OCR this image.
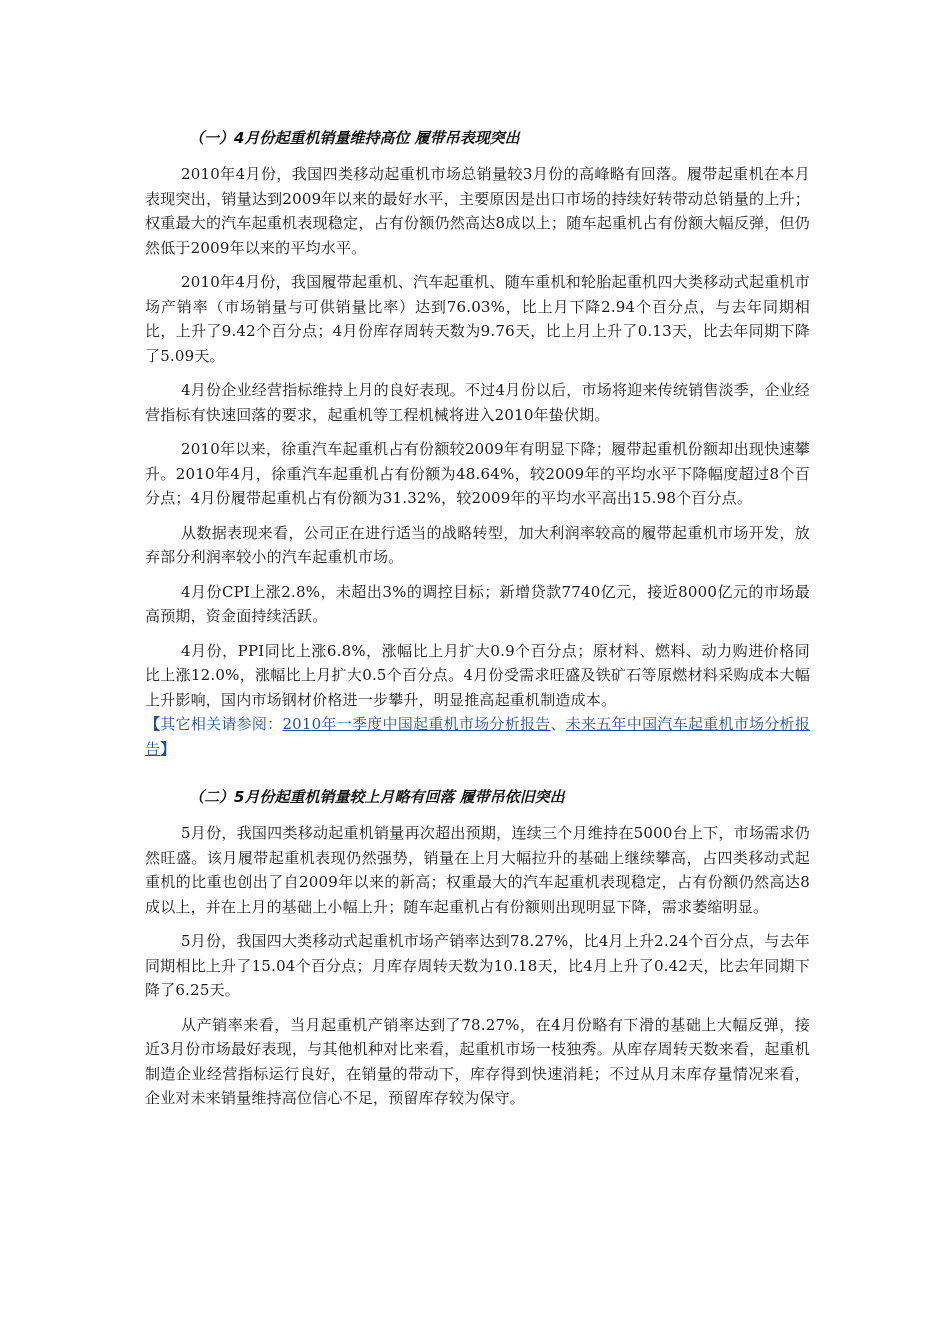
（一）4月份起重机销量维持高位 履带吊表现突出

2010年4月份，我国四类移动起重机市场总销量较3月份的高峰略有回落。履带起重机在本月表现突出，销量达到2009年以来的最好水平，主要原因是出口市场的持续好转带动总销量的上升；权重最大的汽车起重机表现稳定，占有份额仍然高达8成以上；随车起重机占有份额大幅反弹，但仍然低于2009年以来的平均水平。

2010年4月份，我国履带起重机、汽车起重机、随车重机和轮胎起重机四大类移动式起重机市场产销率（市场销量与可供销量比率）达到76.03%，比上月下降2.94个百分点，与去年同期相比，上升了9.42个百分点；4月份库存周转天数为9.76天，比上月上升了0.13天，比去年同期下降了5.09天。

4月份企业经营指标维持上月的良好表现。不过4月份以后，市场将迎来传统销售淡季，企业经营指标有快速回落的要求，起重机等工程机械将进入2010年蛰伏期。

2010年以来，徐重汽车起重机占有份额较2009年有明显下降；履带起重机份额却出现快速攀升。2010年4月，徐重汽车起重机占有份额为48.64%，较2009年的平均水平下降幅度超过8个百分点；4月份履带起重机占有份额为31.32%，较2009年的平均水平高出15.98个百分点。

从数据表现来看，公司正在进行适当的战略转型，加大利润率较高的履带起重机市场开发，放弃部分利润率较小的汽车起重机市场。

4月份CPI上涨2.8%，未超出3%的调控目标；新增贷款7740亿元，接近8000亿元的市场最高预期，资金面持续活跃。

4月份，PPI同比上涨6.8%，涨幅比上月扩大0.9个百分点；原材料、燃料、动力购进价格同比上涨12.0%，涨幅比上月扩大0.5个百分点。4月份受需求旺盛及铁矿石等原燃材料采购成本大幅上升影响，国内市场钢材价格进一步攀升，明显推高起重机制造成本。

【其它相关请参阅：2010年一季度中国起重机市场分析报告、未来五年中国汽车起重机市场分析报告】

（二）5月份起重机销量较上月略有回落 履带吊依旧突出

5月份，我国四类移动起重机销量再次超出预期，连续三个月维持在5000台上下，市场需求仍然旺盛。该月履带起重机表现仍然强势，销量在上月大幅拉升的基础上继续攀高，占四类移动式起重机的比重也创出了自2009年以来的新高；权重最大的汽车起重机表现稳定，占有份额仍然高达8成以上，并在上月的基础上小幅上升；随车起重机占有份额则出现明显下降，需求萎缩明显。

5月份，我国四大类移动式起重机市场产销率达到78.27%，比4月上升2.24个百分点，与去年同期相比上升了15.04个百分点；月库存周转天数为10.18天，比4月上升了0.42天，比去年同期下降了6.25天。

从产销率来看，当月起重机产销率达到了78.27%，在4月份略有下滑的基础上大幅反弹，接近3月份市场最好表现，与其他机种对比来看，起重机市场一枝独秀。从库存周转天数来看，起重机制造企业经营指标运行良好，在销量的带动下，库存得到快速消耗；不过从月末库存量情况来看，企业对未来销量维持高位信心不足，预留库存较为保守。
